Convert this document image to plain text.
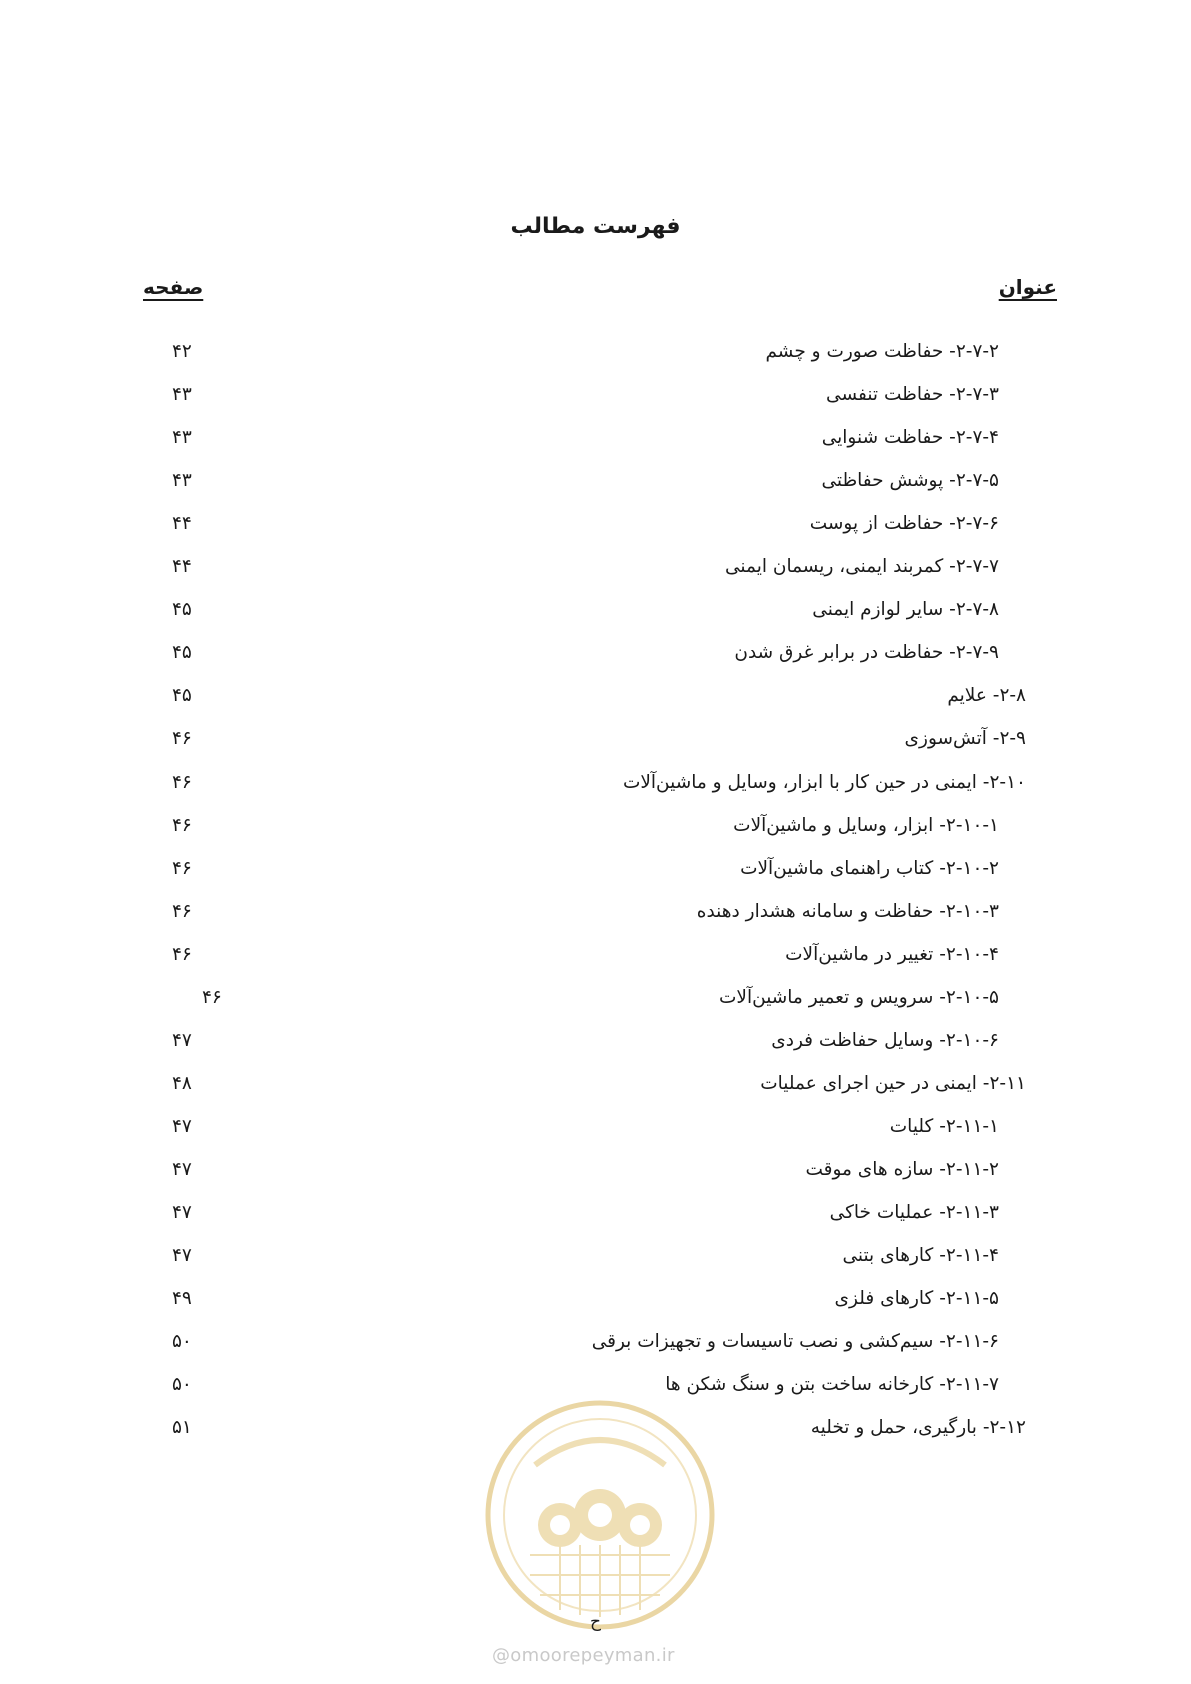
فهرست مطالب
صفحه	عنوان
۲-۷-۲- حفاظت صورت و چشم
۴۲
۲-۷-۳- حفاظت تنفسی
۴۳
۲-۷-۴- حفاظت شنوایی
۴۳
۲-۷-۵- پوشش حفاظتی
۴۳
۲-۷-۶- حفاظت از پوست
۴۴
۲-۷-۷- کمربند ایمنی، ریسمان ایمنی
۴۴
۲-۷-۸- سایر لوازم ایمنی
۴۵
۲-۷-۹- حفاظت در برابر غرق شدن
۴۵
۲-۸- علایم
۴۵
۲-۹- آتش‌سوزی
۴۶
۲-۱۰- ایمنی در حین کار با ابزار، وسایل و ماشین‌آلات
۴۶
۲-۱۰-۱- ابزار، وسایل و ماشین‌آلات
۴۶
۲-۱۰-۲- کتاب راهنمای ماشین‌آلات
۴۶
۲-۱۰-۳- حفاظت و سامانه هشدار دهنده
۴۶
۲-۱۰-۴- تغییر در ماشین‌آلات
۴۶
۲-۱۰-۵- سرویس و تعمیر ماشین‌آلات
۴۶
۲-۱۰-۶- وسایل حفاظت فردی
۴۷
۲-۱۱- ایمنی در حین اجرای عملیات
۴۸
۲-۱۱-۱- کلیات
۴۷
۲-۱۱-۲- سازه های موقت
۴۷
۲-۱۱-۳- عملیات خاکی
۴۷
۲-۱۱-۴- کارهای بتنی
۴۷
۲-۱۱-۵- کارهای فلزی
۴۹
۲-۱۱-۶- سیم‌کشی و نصب تاسیسات و تجهیزات برقی
۵۰
۲-۱۱-۷- کارخانه ساخت بتن و سنگ شکن ها
۵۰
۲-۱۲- بارگیری، حمل و تخلیه
۵۱
ح
@omoorepeyman.ir
